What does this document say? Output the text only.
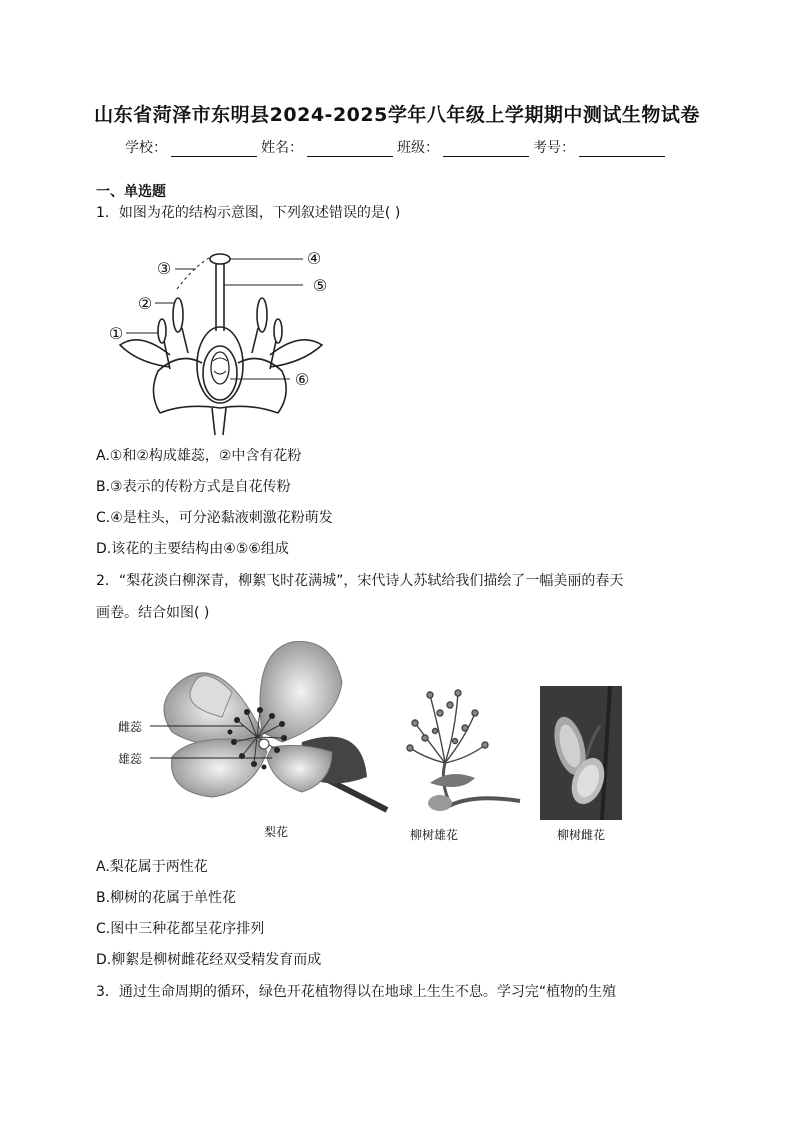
山东省菏泽市东明县2024-2025学年八年级上学期期中测试生物试卷
学校：	姓名：	班级：	考号：
一、单选题
1．如图为花的结构示意图，下列叙述错误的是( )
④
⑤
⑥
③
②
①
A.①和②构成雄蕊，②中含有花粉
B.③表示的传粉方式是自花传粉
C.④是柱头，可分泌黏液刺激花粉萌发
D.该花的主要结构由④⑤⑥组成
2．“梨花淡白柳深青，柳絮飞时花满城”，宋代诗人苏轼给我们描绘了一幅美丽的春天
画卷。结合如图( )
雌蕊
雄蕊
梨花	柳树雄花	柳树雌花
A.梨花属于两性花
B.柳树的花属于单性花
C.图中三种花都呈花序排列
D.柳絮是柳树雌花经双受精发育而成
3．通过生命周期的循环，绿色开花植物得以在地球上生生不息。学习完“植物的生殖
